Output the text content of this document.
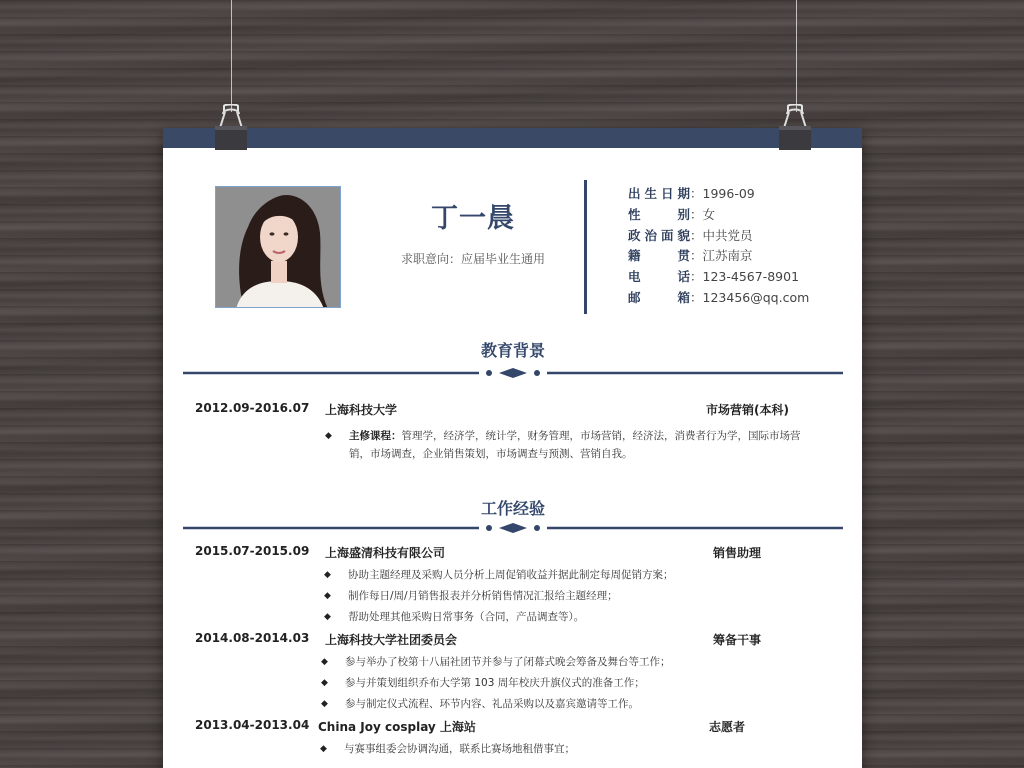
丁一晨
求职意向：应届毕业生通用
出生日期：1996-09
性　　别：女
政治面貌：中共党员
籍　　贯：江苏南京
电　　话：123-4567-8901
邮　　箱：123456@qq.com
教育背景
2012.09-2016.07 上海科技大学	市场营销(本科)
◆ 主修课程：管理学，经济学，统计学，财务管理，市场营销，经济法，消费者行为学，国际市场营销，市场调查，企业销售策划，市场调查与预测、营销自我。
工作经验
2015.07-2015.09 上海盛清科技有限公司	销售助理
◆ 协助主题经理及采购人员分析上周促销收益并据此制定每周促销方案；
◆ 制作每日/周/月销售报表并分析销售情况汇报给主题经理；
◆ 帮助处理其他采购日常事务（合同，产品调查等）。
2014.08-2014.03 上海科技大学社团委员会	筹备干事
◆ 参与举办了校第十八届社团节并参与了闭幕式晚会筹备及舞台等工作；
◆ 参与并策划组织乔布大学第 103 周年校庆升旗仪式的准备工作；
◆ 参与制定仪式流程、环节内容、礼品采购以及嘉宾邀请等工作。
2013.04-2013.04 China Joy cosplay 上海站	志愿者
◆ 与赛事组委会协调沟通，联系比赛场地租借事宜；
